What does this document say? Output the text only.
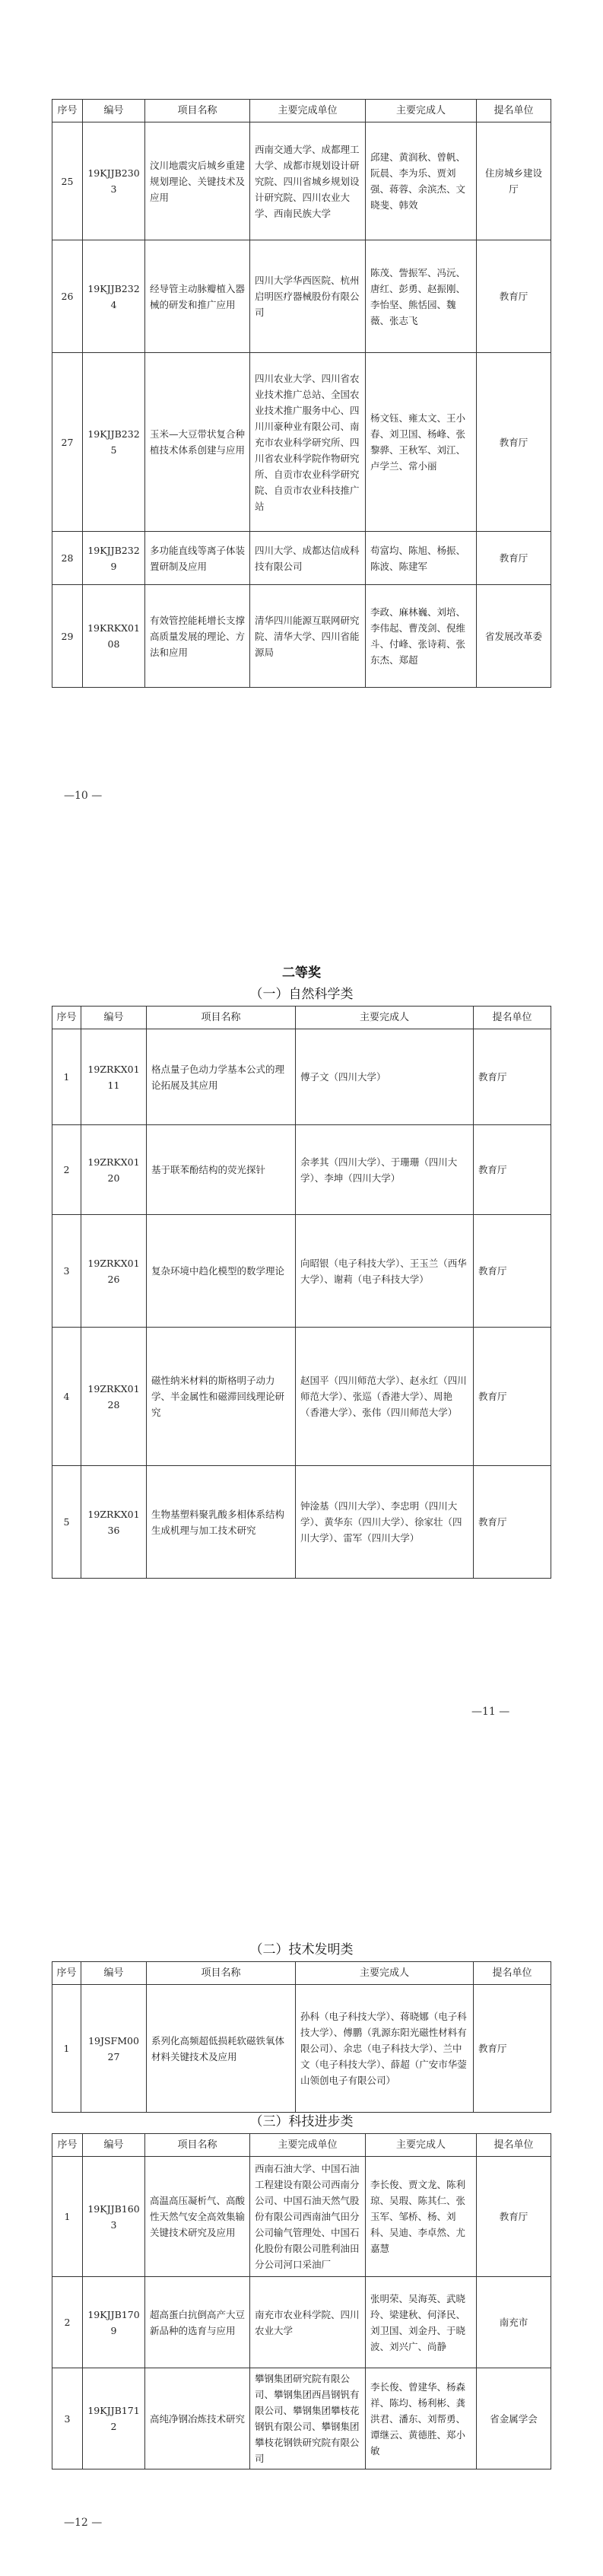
序号	编号	项目名称	主要完成单位	主要完成人	提名单位
25	19KJJB2303	汶川地震灾后城乡重建规划理论、关键技术及应用	西南交通大学、成都理工大学、成都市规划设计研究院、四川省城乡规划设计研究院、四川农业大学、西南民族大学	邱建、黄润秋、曾帆、阮晨、李为乐、贾刘强、蒋蓉、余滨杰、文晓斐、韩效	住房城乡建设厅
26	19KJJB2324	经导管主动脉瓣植入器械的研发和推广应用	四川大学华西医院、杭州启明医疗器械股份有限公司	陈茂、訾振军、冯沅、唐红、彭勇、赵振刚、李怡坚、熊恬园、魏薇、张志飞	教育厅
27	19KJJB2325	玉米—大豆带状复合种植技术体系创建与应用	四川农业大学、四川省农业技术推广总站、全国农业技术推广服务中心、四川川豪种业有限公司、南充市农业科学研究所、四川省农业科学院作物研究所、自贡市农业科学研究院、自贡市农业科技推广站	杨文钰、雍太文、王小春、刘卫国、杨峰、张黎骅、王秋军、刘江、卢学兰、常小丽	教育厅
28	19KJJB2329	多功能直线等离子体装置研制及应用	四川大学、成都达信成科技有限公司	苟富均、陈旭、杨振、陈波、陈建军	教育厅
29	19KRKX0108	有效管控能耗增长支撑高质量发展的理论、方法和应用	清华四川能源互联网研究院、清华大学、四川省能源局	李政、麻林巍、刘培、李伟起、曹茂剑、倪维斗、付峰、张诗莉、张东杰、郑超	省发展改革委
—10 —
二等奖
（一）自然科学类
序号	编号	项目名称	主要完成人	提名单位
1	19ZRKX0111	格点量子色动力学基本公式的理论拓展及其应用	傅子文（四川大学）	教育厅
2	19ZRKX0120	基于联苯酚结构的荧光探针	余孝其（四川大学）、于珊珊（四川大学）、李坤（四川大学）	教育厅
3	19ZRKX0126	复杂环境中趋化模型的数学理论	向昭银（电子科技大学）、王玉兰（西华大学）、谢莉（电子科技大学）	教育厅
4	19ZRKX0128	磁性纳米材料的斯格明子动力学、半金属性和磁滞回线理论研究	赵国平（四川师范大学）、赵永红（四川师范大学）、张巡（香港大学）、周艳（香港大学）、张伟（四川师范大学）	教育厅
5	19ZRKX0136	生物基塑料聚乳酸多相体系结构生成机理与加工技术研究	钟淦基（四川大学）、李忠明（四川大学）、黄华东（四川大学）、徐家壮（四川大学）、雷军（四川大学）	教育厅
—11 —
（二）技术发明类
序号	编号	项目名称	主要完成人	提名单位
1	19JSFM0027	系列化高频超低损耗软磁铁氧体材料关键技术及应用	孙科（电子科技大学）、蒋晓娜（电子科技大学）、傅鹏（乳源东阳光磁性材料有限公司）、余忠（电子科技大学）、兰中文（电子科技大学）、薛超（广安市华蓥山领创电子有限公司）	教育厅
（三）科技进步类
序号	编号	项目名称	主要完成单位	主要完成人	提名单位
1	19KJJB1603	高温高压凝析气、高酸性天然气安全高效集输关键技术研究及应用	西南石油大学、中国石油工程建设有限公司西南分公司、中国石油天然气股份有限公司西南油气田分公司输气管理处、中国石化股份有限公司胜利油田分公司河口采油厂	李长俊、贾文龙、陈利琼、吴瑕、陈其仁、张玉军、邹桥、杨、刘科、吴迪、李卓然、尤嘉慧	教育厅
2	19KJJB1709	超高蛋白抗倒高产大豆新品种的选育与应用	南充市农业科学院、四川农业大学	张明荣、吴海英、武晓玲、梁建秋、何泽民、刘卫国、刘金丹、于晓波、刘兴广、尚静	南充市
3	19KJJB1712	高纯净钢冶炼技术研究	攀钢集团研究院有限公司、攀钢集团西昌钢钒有限公司、攀钢集团攀枝花钢钒有限公司、攀钢集团攀枝花钢铁研究院有限公司	李长俊、曾建华、杨森祥、陈均、杨利彬、龚洪君、潘东、刘帮勇、谭继云、黄德胜、郑小敏	省金属学会
—12 —
